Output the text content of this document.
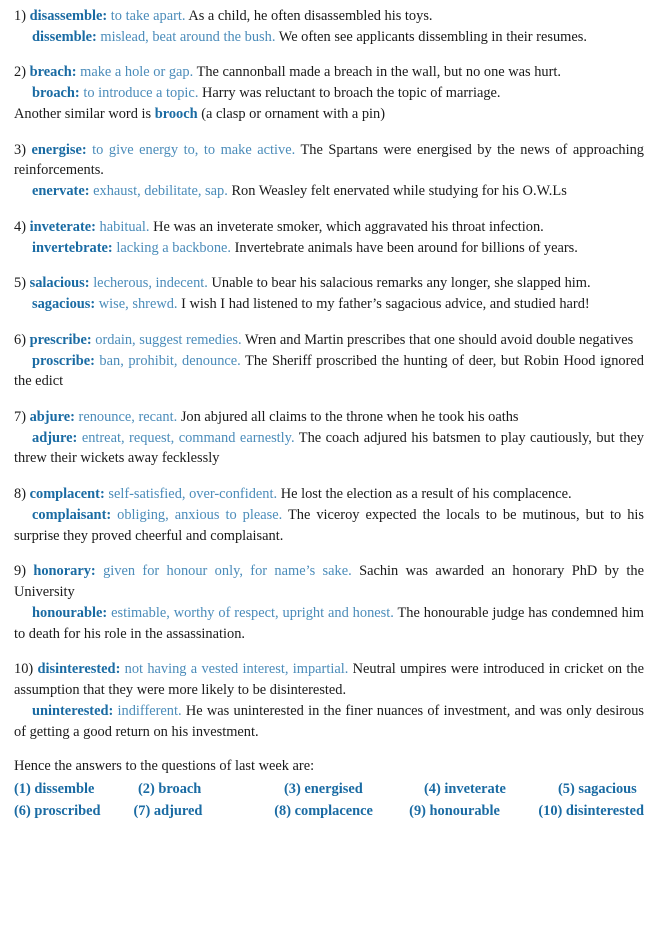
1) disassemble: to take apart. As a child, he often disassembled his toys.

dissemble: mislead, beat around the bush. We often see applicants dissembling in their resumes.

2) breach: make a hole or gap. The cannonball made a breach in the wall, but no one was hurt.

broach: to introduce a topic. Harry was reluctant to broach the topic of marriage.

Another similar word is brooch (a clasp or ornament with a pin)

3) energise: to give energy to, to make active. The Spartans were energised by the news of approaching reinforcements.

enervate: exhaust, debilitate, sap. Ron Weasley felt enervated while studying for his O.W.Ls

4) inveterate: habitual. He was an inveterate smoker, which aggravated his throat infection.

invertebrate: lacking a backbone. Invertebrate animals have been around for billions of years.

5) salacious: lecherous, indecent. Unable to bear his salacious remarks any longer, she slapped him.

sagacious: wise, shrewd. I wish I had listened to my father’s sagacious advice, and studied hard!

6) prescribe: ordain, suggest remedies. Wren and Martin prescribes that one should avoid double negatives

proscribe: ban, prohibit, denounce. The Sheriff proscribed the hunting of deer, but Robin Hood ignored the edict

7) abjure: renounce, recant. Jon abjured all claims to the throne when he took his oaths

adjure: entreat, request, command earnestly. The coach adjured his batsmen to play cautiously, but they threw their wickets away fecklessly

8) complacent: self-satisfied, over-confident. He lost the election as a result of his complacence.

complaisant: obliging, anxious to please. The viceroy expected the locals to be mutinous, but to his surprise they proved cheerful and complaisant.

9) honorary: given for honour only, for name’s sake. Sachin was awarded an honorary PhD by the University

honourable: estimable, worthy of respect, upright and honest. The honourable judge has condemned him to death for his role in the assassination.

10) disinterested: not having a vested interest, impartial. Neutral umpires were introduced in cricket on the assumption that they were more likely to be disinterested.

uninterested: indifferent. He was uninterested in the finer nuances of investment, and was only desirous of getting a good return on his investment.

Hence the answers to the questions of last week are:

(1) dissemble	(2) broach	(3) energised	(4) inveterate	(5) sagacious
(6) proscribed	(7) adjured	(8) complacence	(9) honourable	(10) disinterested
